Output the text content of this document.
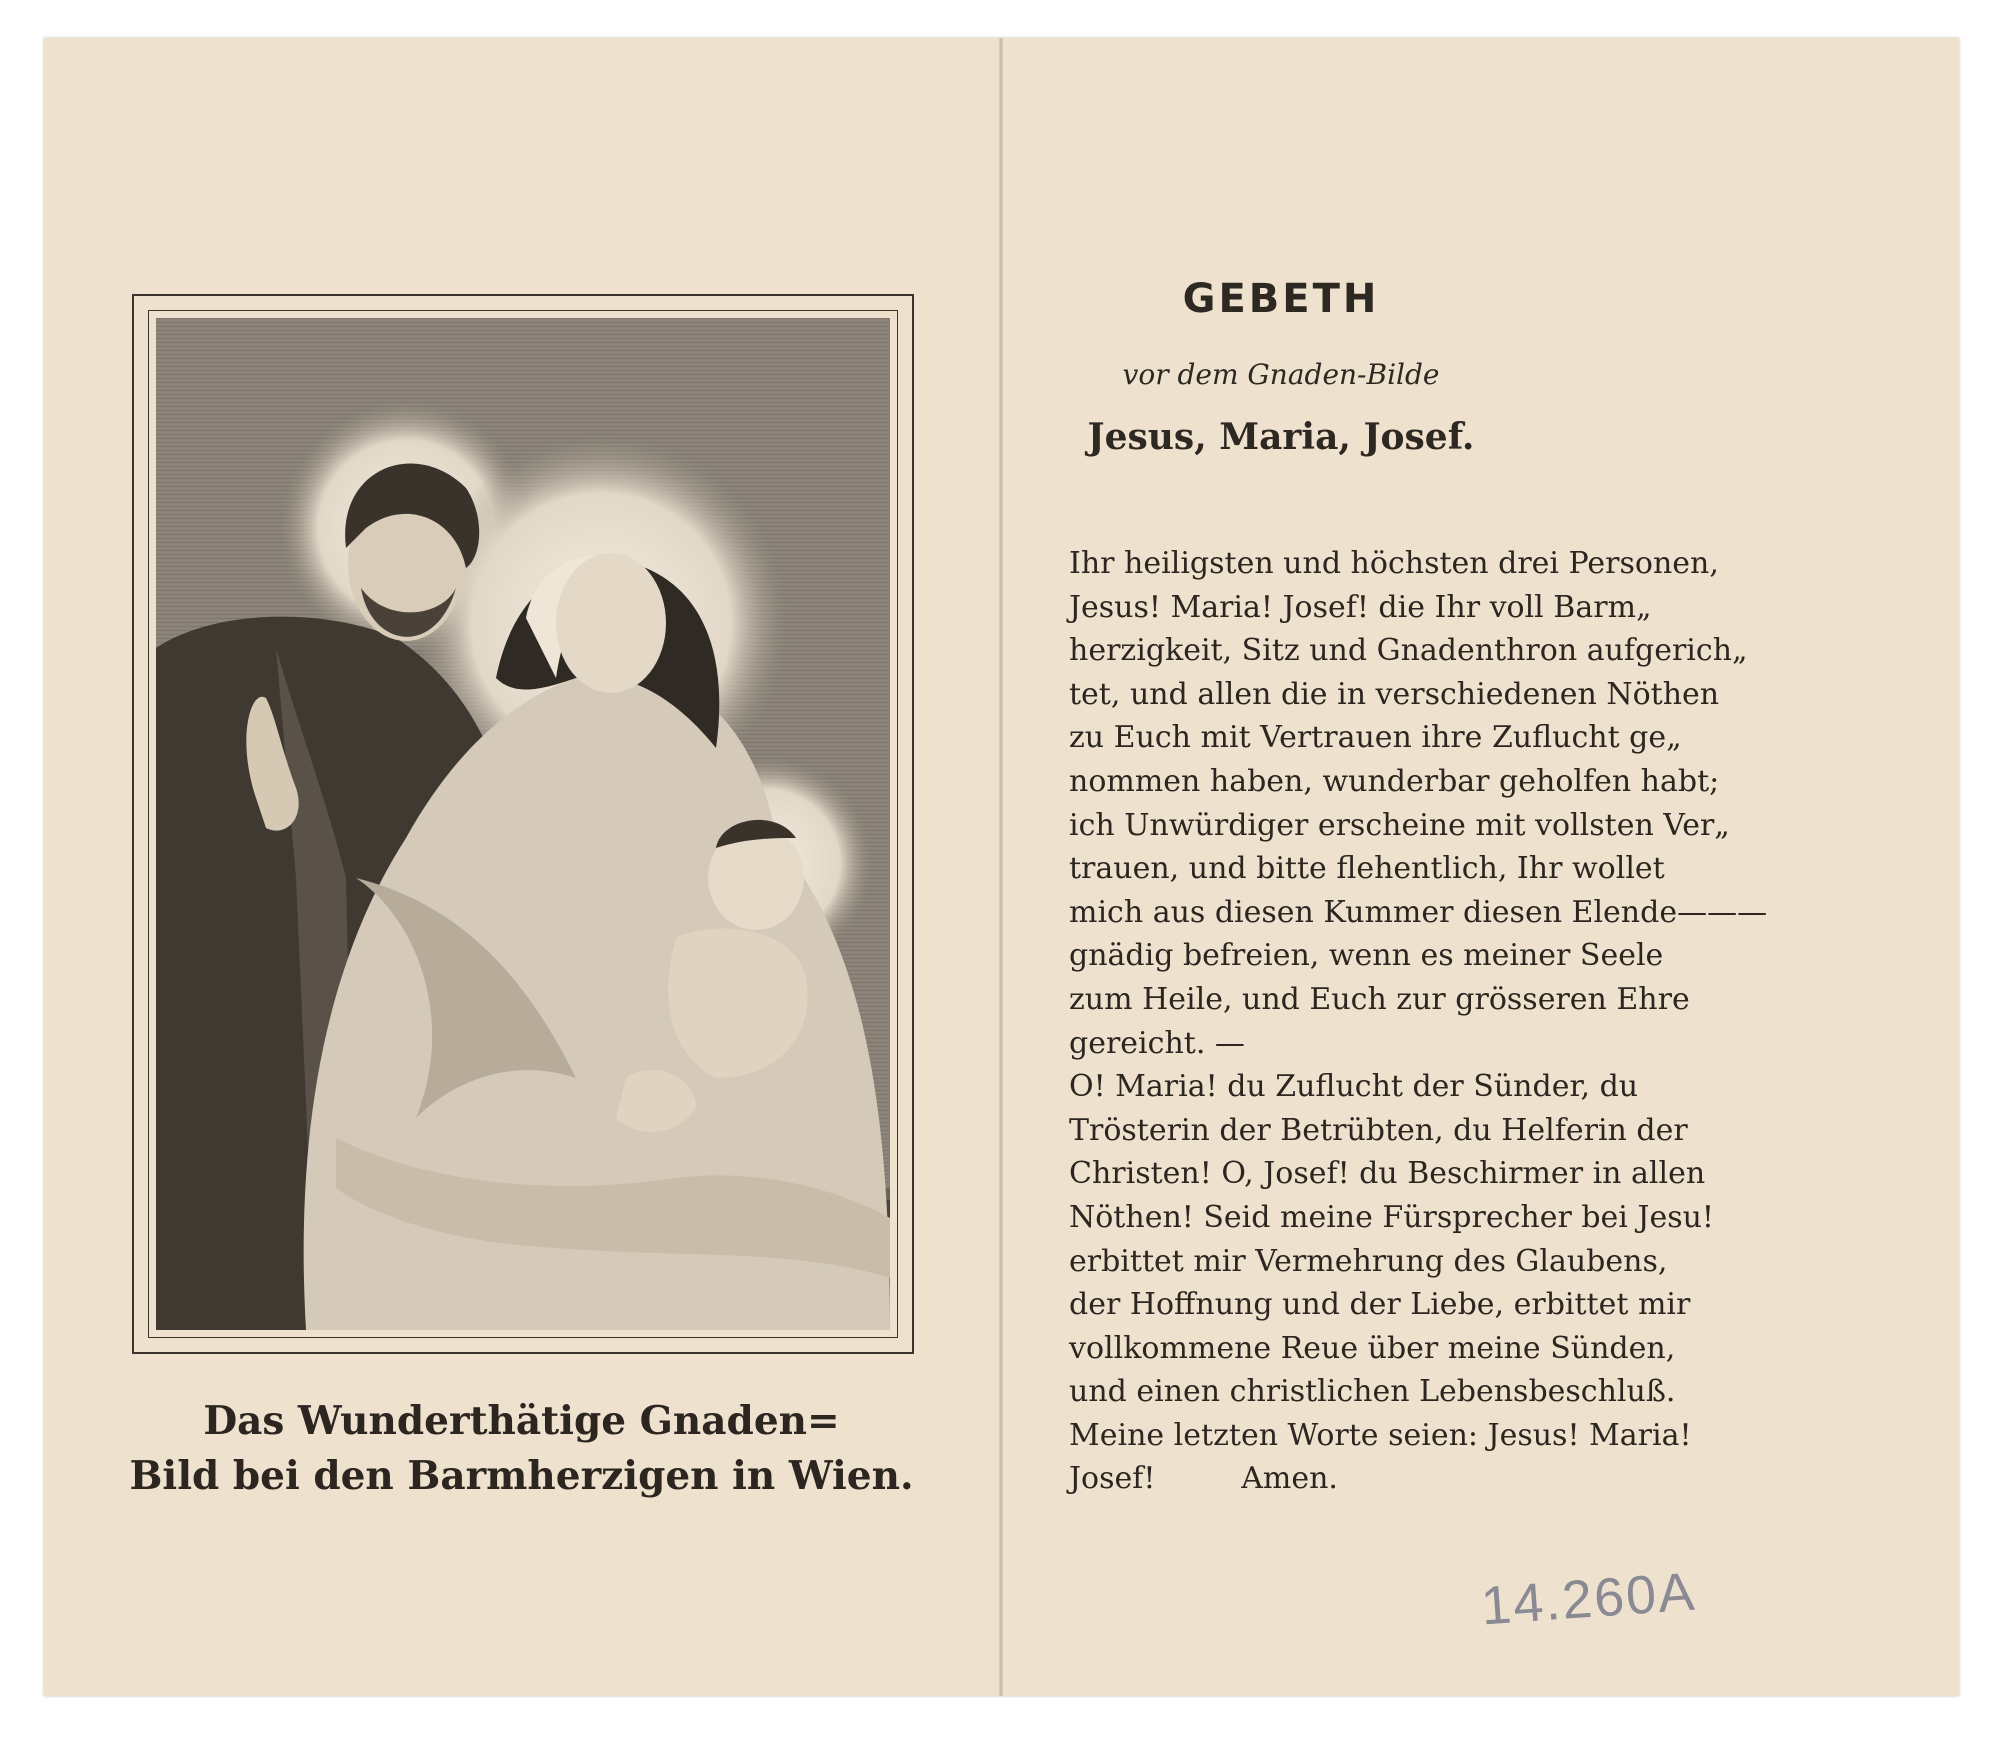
Das Wunderthätige Gnaden=
Bild bei den Barmherzigen in Wien.
GEBETH
vor dem Gnaden-Bilde
Jesus, Maria, Josef.
Ihr heiligsten und höchsten drei Personen,
Jesus! Maria! Josef! die Ihr voll Barm„
herzigkeit, Sitz und Gnadenthron aufgerich„
tet, und allen die in verschiedenen Nöthen
zu Euch mit Vertrauen ihre Zuflucht ge„
nommen haben, wunderbar geholfen habt;
ich Unwürdiger erscheine mit vollsten Ver„
trauen, und bitte flehentlich, Ihr wollet
mich aus diesen Kummer diesen Elende———
gnädig befreien, wenn es meiner Seele
zum Heile, und Euch zur grösseren Ehre
gereicht. —
O! Maria! du Zuflucht der Sünder, du
Trösterin der Betrübten, du Helferin der
Christen! O, Josef! du Beschirmer in allen
Nöthen! Seid meine Fürsprecher bei Jesu!
erbittet mir Vermehrung des Glaubens,
der Hoffnung und der Liebe, erbittet mir
vollkommene Reue über meine Sünden,
und einen christlichen Lebensbeschluß.
Meine letzten Worte seien: Jesus! Maria!
Josef!         Amen.
14.260A
